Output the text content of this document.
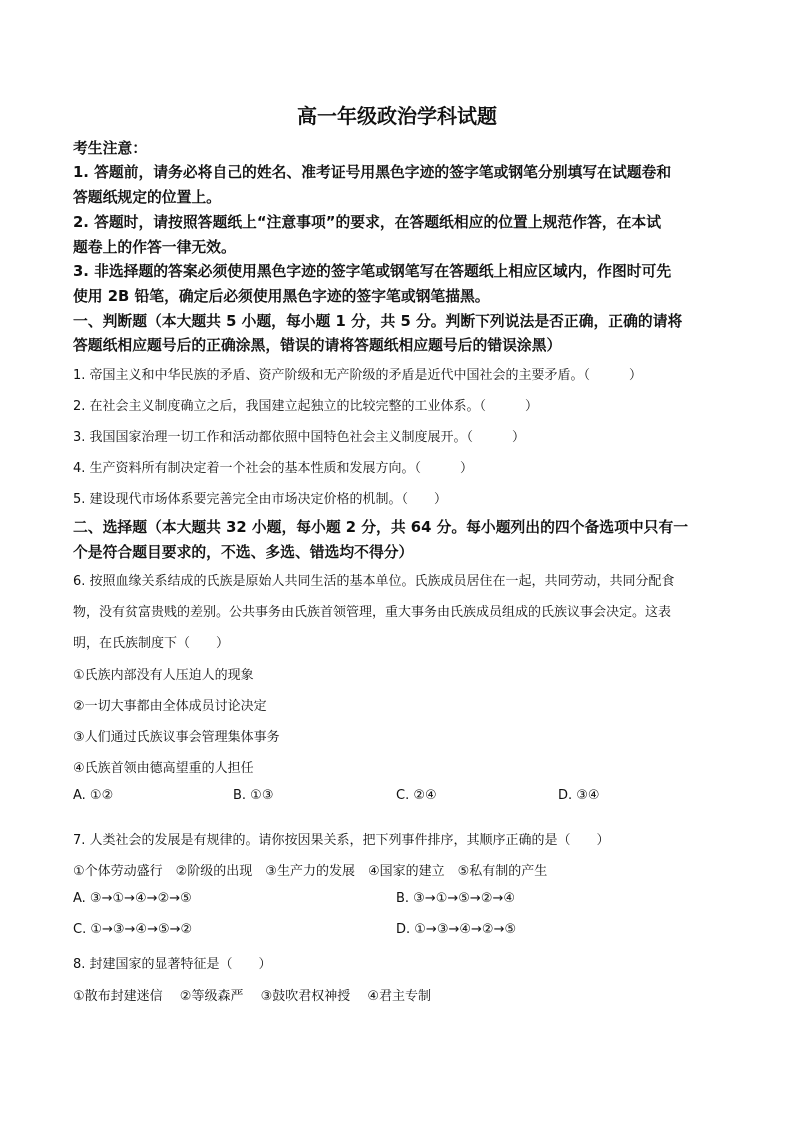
高一年级政治学科试题
考生注意：
1. 答题前，请务必将自己的姓名、准考证号用黑色字迹的签字笔或钢笔分别填写在试题卷和
答题纸规定的位置上。
2. 答题时，请按照答题纸上“注意事项”的要求，在答题纸相应的位置上规范作答，在本试
题卷上的作答一律无效。
3. 非选择题的答案必须使用黑色字迹的签字笔或钢笔写在答题纸上相应区域内，作图时可先
使用 2B 铅笔，确定后必须使用黑色字迹的签字笔或钢笔描黑。
一、判断题（本大题共 5 小题，每小题 1 分，共 5 分。判断下列说法是否正确，正确的请将
答题纸相应题号后的正确涂黑，错误的请将答题纸相应题号后的错误涂黑）
1. 帝国主义和中华民族的矛盾、资产阶级和无产阶级的矛盾是近代中国社会的主要矛盾。（　　　）
2. 在社会主义制度确立之后，我国建立起独立的比较完整的工业体系。（　　　）
3. 我国国家治理一切工作和活动都依照中国特色社会主义制度展开。（　　　）
4. 生产资料所有制决定着一个社会的基本性质和发展方向。（　　　）
5. 建设现代市场体系要完善完全由市场决定价格的机制。（　　）
二、选择题（本大题共 32 小题，每小题 2 分，共 64 分。每小题列出的四个备选项中只有一
个是符合题目要求的，不选、多选、错选均不得分）
6. 按照血缘关系结成的氏族是原始人共同生活的基本单位。氏族成员居住在一起，共同劳动，共同分配食
物，没有贫富贵贱的差别。公共事务由氏族首领管理，重大事务由氏族成员组成的氏族议事会决定。这表
明，在氏族制度下（　　）
①氏族内部没有人压迫人的现象
②一切大事都由全体成员讨论决定
③人们通过氏族议事会管理集体事务
④氏族首领由德高望重的人担任
A. ①②	B. ①③	C. ②④	D. ③④
7. 人类社会的发展是有规律的。请你按因果关系，把下列事件排序，其顺序正确的是（　　）
①个体劳动盛行　②阶级的出现　③生产力的发展　④国家的建立　⑤私有制的产生
A. ③→①→④→②→⑤	B. ③→①→⑤→②→④
C. ①→③→④→⑤→②	D. ①→③→④→②→⑤
8. 封建国家的显著特征是（　　）
①散布封建迷信　 ②等级森严　 ③鼓吹君权神授　 ④君主专制
